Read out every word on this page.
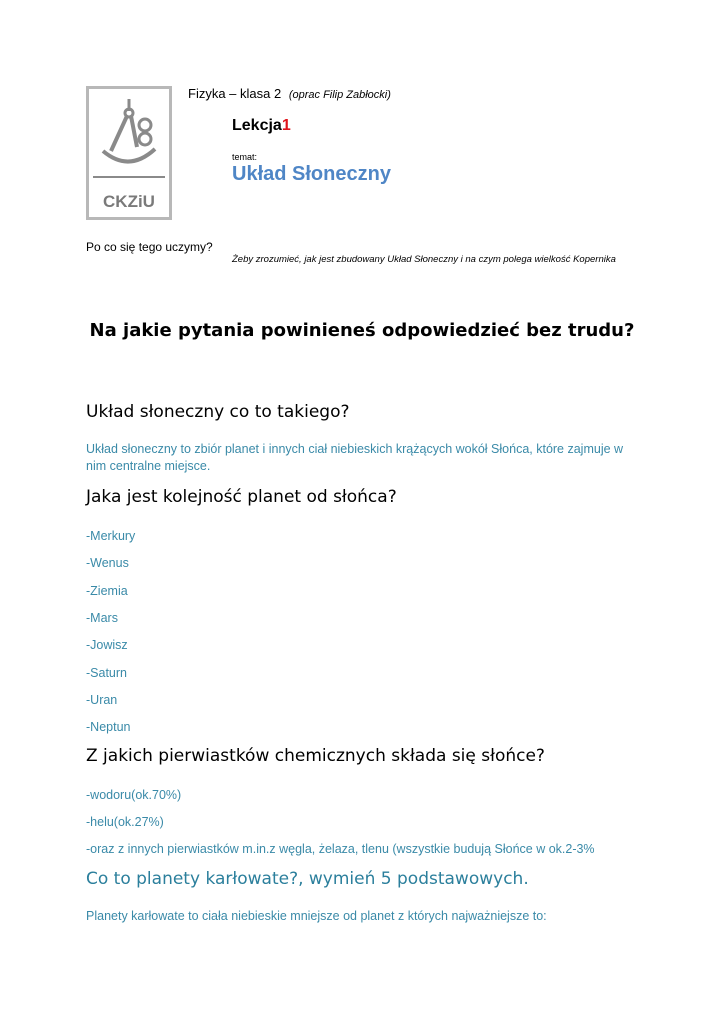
CKZiU
Fizyka – klasa 2 (oprac Filip Zabłocki)
Lekcja1
temat:
Układ Słoneczny
Po co się tego uczymy?
Żeby zrozumieć, jak jest zbudowany Układ Słoneczny i na czym polega wielkość Kopernika
Na jakie pytania powinieneś odpowiedzieć bez trudu?
Układ słoneczny co to takiego?
Układ słoneczny to zbiór planet i innych ciał niebieskich krążących wokół Słońca, które zajmuje w nim centralne miejsce.
Jaka jest kolejność planet od słońca?
-Merkury
-Wenus
-Ziemia
-Mars
-Jowisz
-Saturn
-Uran
-Neptun
Z jakich pierwiastków chemicznych składa się słońce?
-wodoru(ok.70%)
-helu(ok.27%)
-oraz z innych pierwiastków m.in.z węgla, żelaza, tlenu (wszystkie budują Słońce w ok.2-3%
Co to planety karłowate?, wymień 5 podstawowych.
Planety karłowate to ciała niebieskie mniejsze od planet z których najważniejsze to:
